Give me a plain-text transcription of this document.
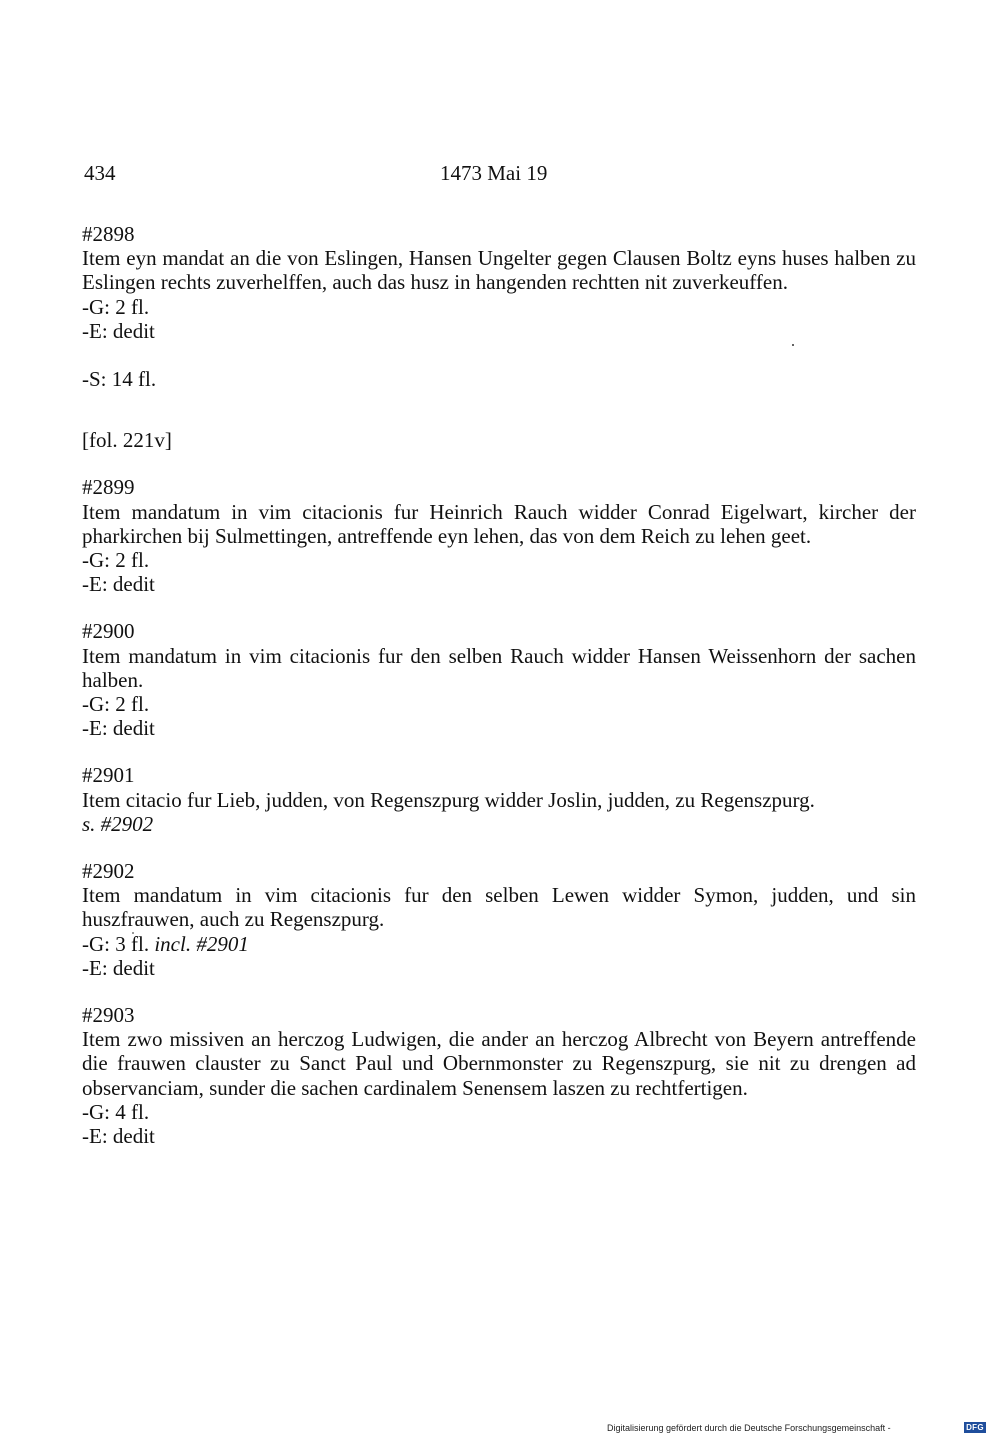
434	1473 Mai 19
#2898
Item eyn mandat an die von Eslingen, Hansen Ungelter gegen Clausen Boltz eyns huses halben zu Eslingen rechts zuverhelffen, auch das husz in hangenden rechtten nit zuverkeuffen.
-G: 2 fl.
-E: dedit
-S: 14 fl.
[fol. 221v]
#2899
Item mandatum in vim citacionis fur Heinrich Rauch widder Conrad Eigelwart, kircher der pharkirchen bij Sulmettingen, antreffende eyn lehen, das von dem Reich zu lehen geet.
-G: 2 fl.
-E: dedit
#2900
Item mandatum in vim citacionis fur den selben Rauch widder Hansen Weissenhorn der sachen halben.
-G: 2 fl.
-E: dedit
#2901
Item citacio fur Lieb, judden, von Regenszpurg widder Joslin, judden, zu Regenszpurg.
s. #2902
#2902
Item mandatum in vim citacionis fur den selben Lewen widder Symon, judden, und sin huszfrauwen, auch zu Regenszpurg.
-G: 3 fl. incl. #2901
-E: dedit
#2903
Item zwo missiven an herczog Ludwigen, die ander an herczog Albrecht von Beyern antreffende die frauwen clauster zu Sanct Paul und Obernmonster zu Regenszpurg, sie nit zu drengen ad observanciam, sunder die sachen cardinalem Senensem laszen zu rechtfertigen.
-G: 4 fl.
-E: dedit
Digitalisierung gefördert durch die Deutsche Forschungsgemeinschaft -	DFG
